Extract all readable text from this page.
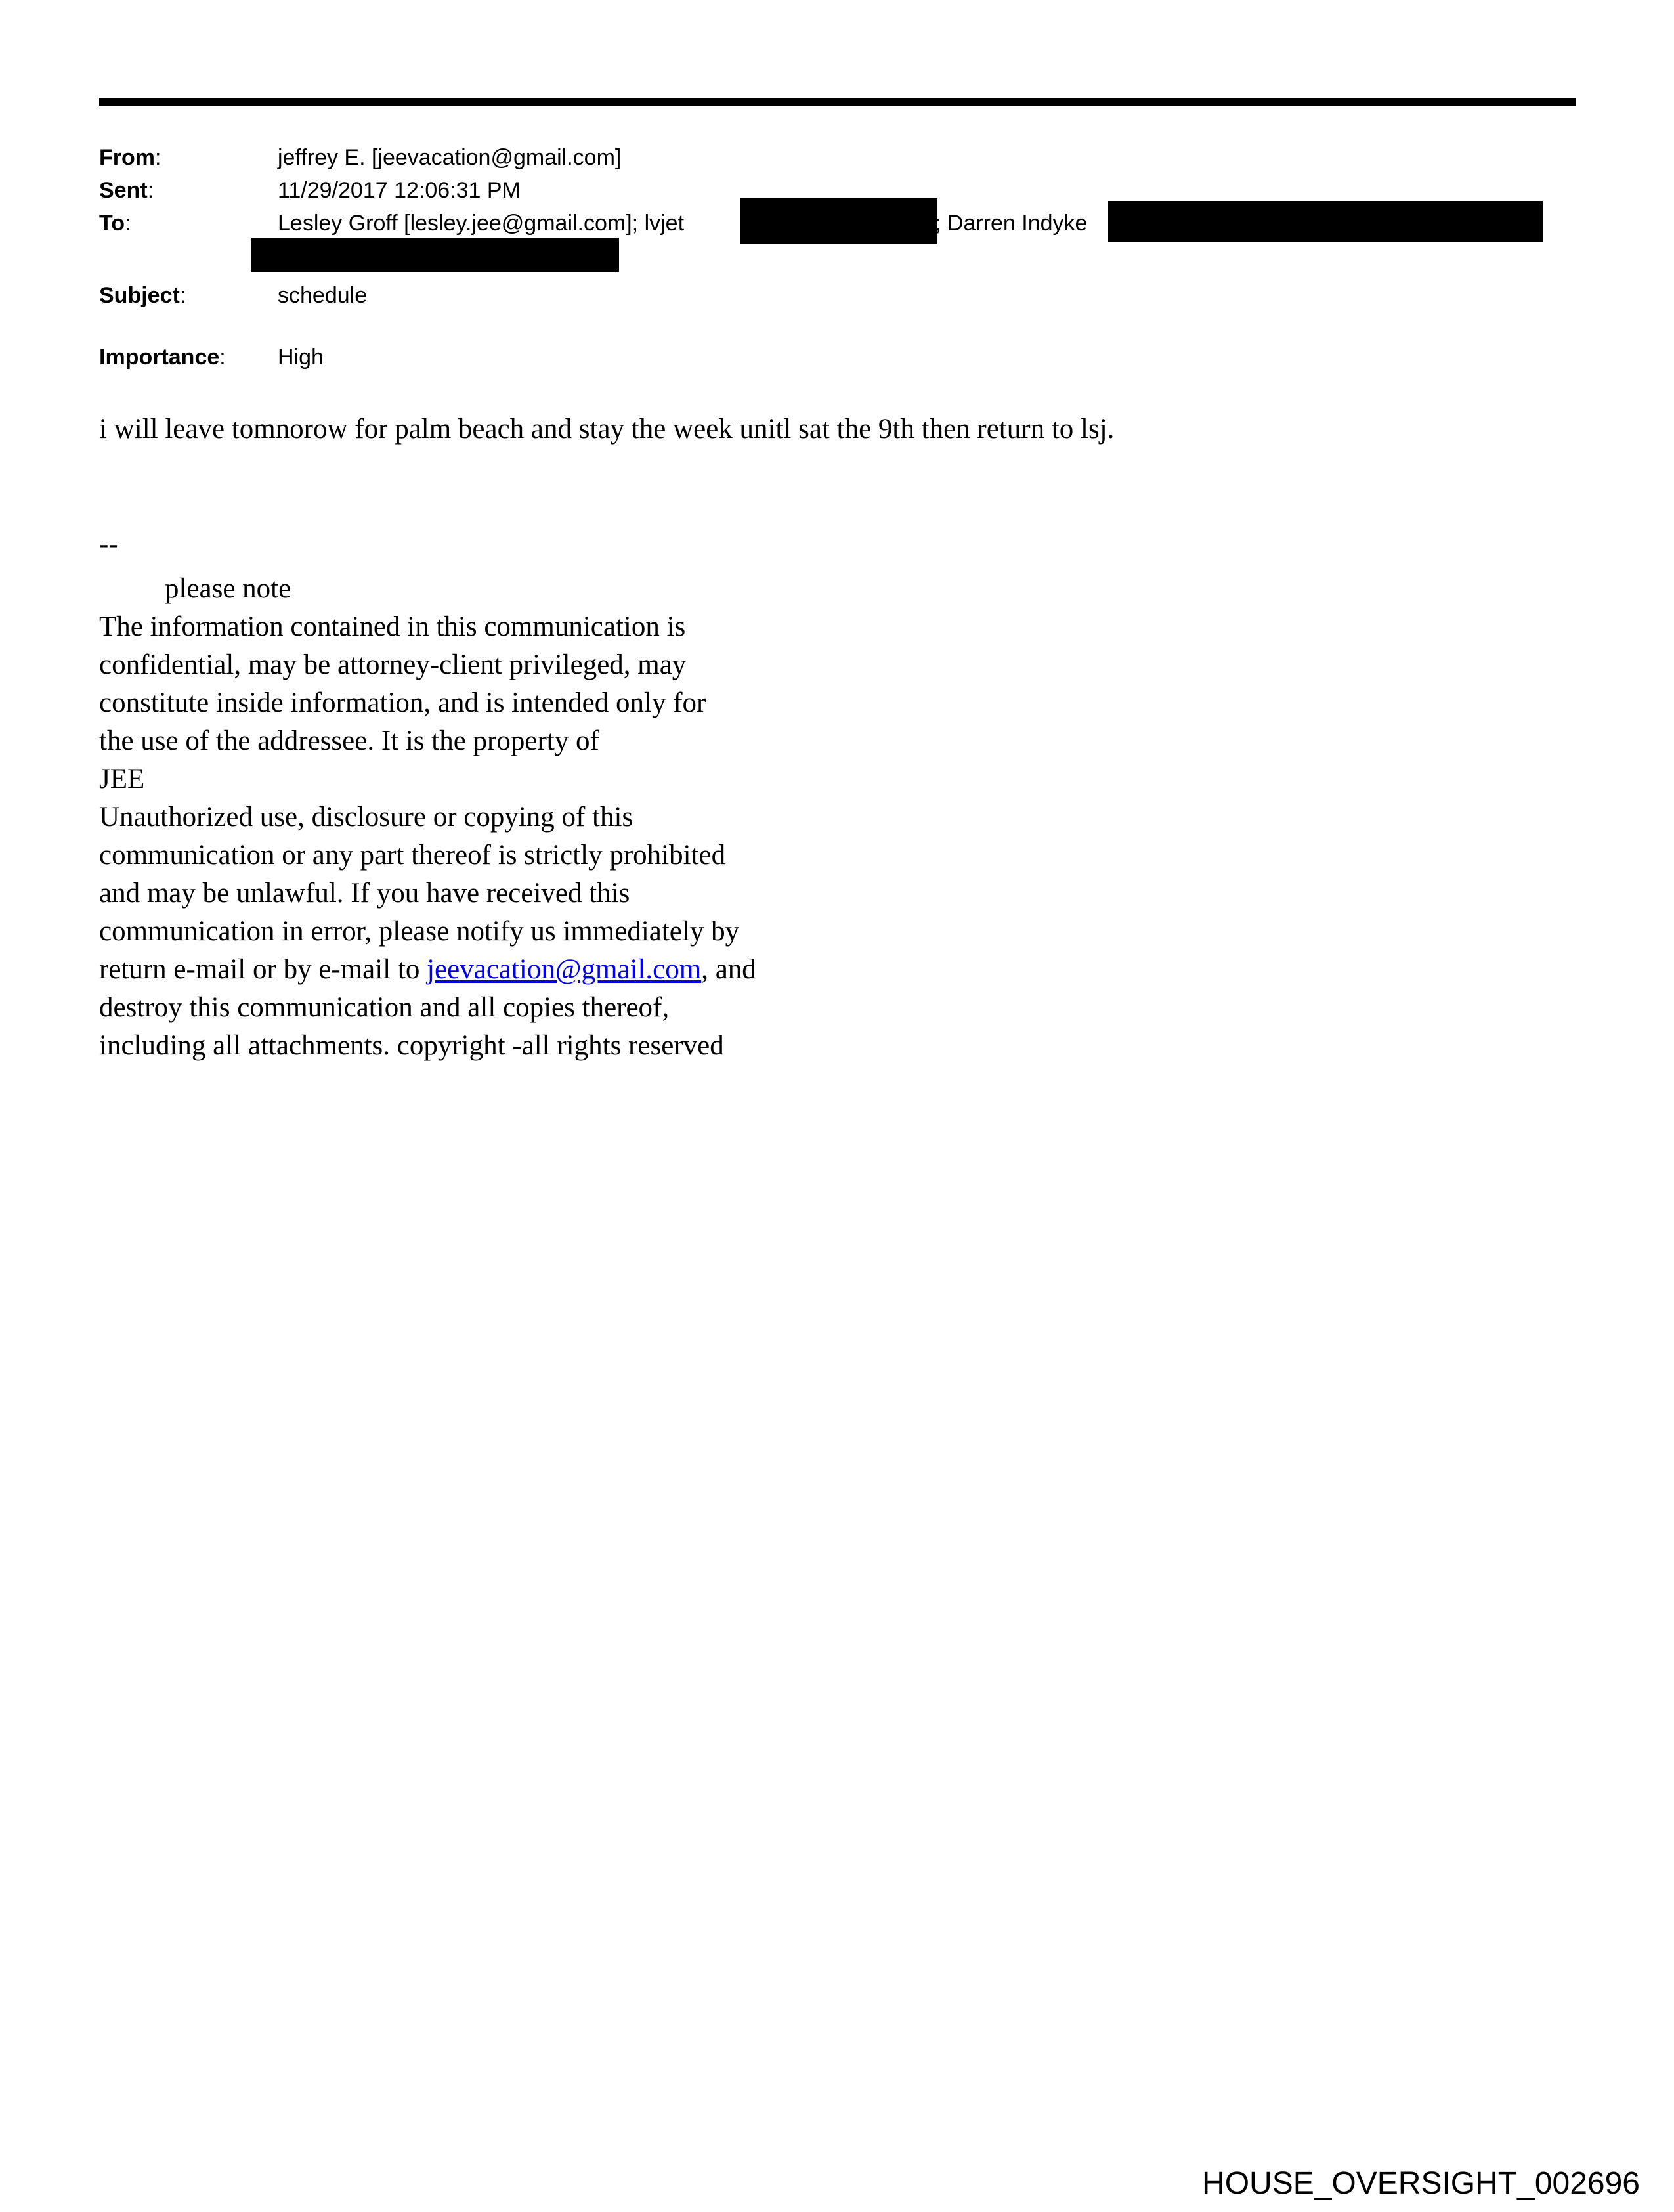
From:	jeffrey E. [jeevacation@gmail.com]
Sent:	11/29/2017 12:06:31 PM
To:	Lesley Groff [lesley.jee@gmail.com]; lvjet	; Darren Indyke
Subject:	schedule
Importance: High
i will leave tomnorow for palm beach and stay the week unitl sat the 9th then return to lsj.
--
please note
The information contained in this communication is
confidential, may be attorney-client privileged, may
constitute inside information, and is intended only for
the use of the addressee. It is the property of
JEE
Unauthorized use, disclosure or copying of this
communication or any part thereof is strictly prohibited
and may be unlawful. If you have received this
communication in error, please notify us immediately by
return e-mail or by e-mail to jeevacation@gmail.com, and
destroy this communication and all copies thereof,
including all attachments. copyright -all rights reserved
HOUSE_OVERSIGHT_002696
